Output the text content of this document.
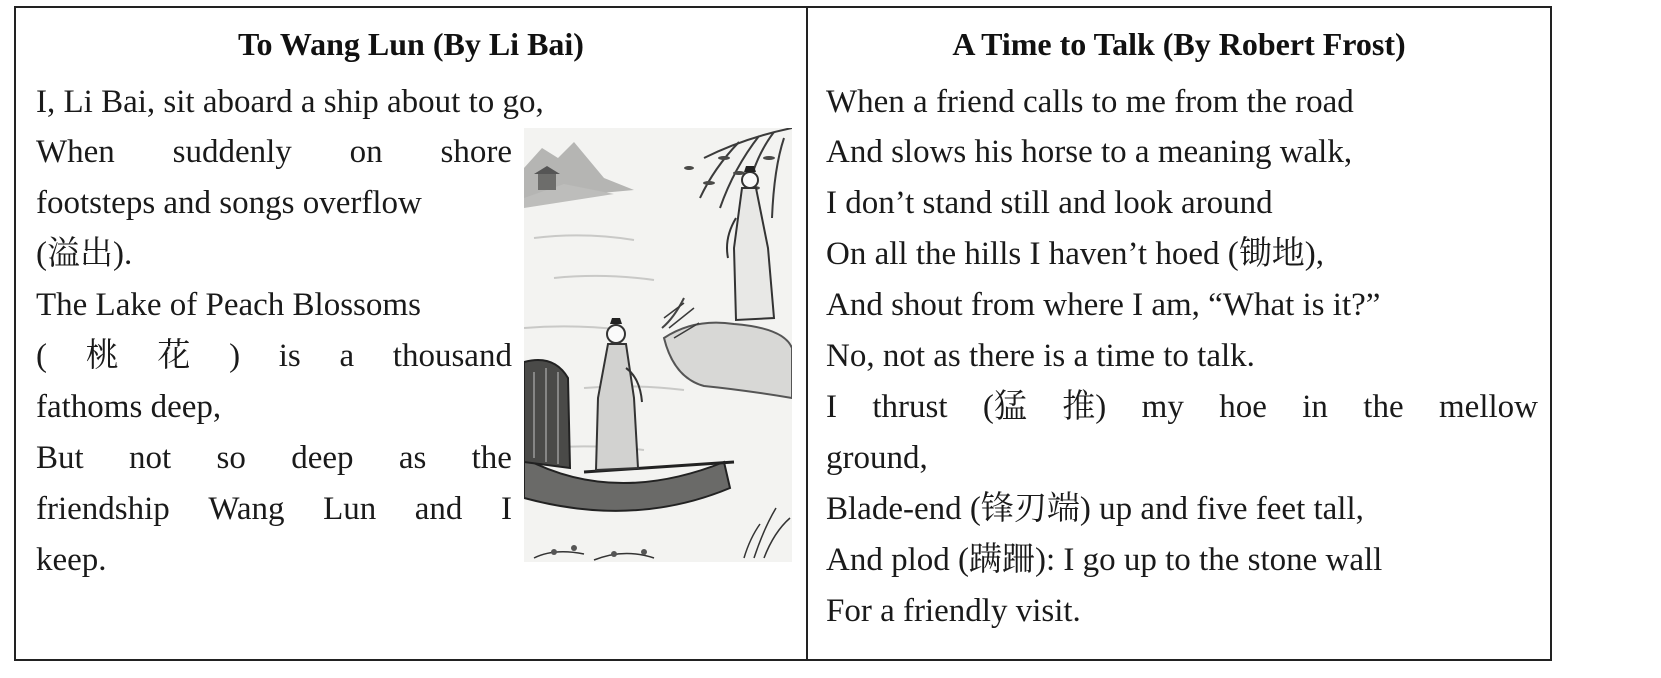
To Wang Lun (By Li Bai)
I, Li Bai, sit aboard a ship about to go,
When suddenly on shore
footsteps and songs overflow
(溢出).
The Lake of Peach Blossoms
( 桃 花 ) is a thousand
fathoms deep,
But not so deep as the
friendship Wang Lun and I
keep.
A Time to Talk (By Robert Frost)
When a friend calls to me from the road
And slows his horse to a meaning walk,
I don’t stand still and look around
On all the hills I haven’t hoed (锄地),
And shout from where I am, “What is it?”
No, not as there is a time to talk.
I thrust (猛 推) my hoe in the mellow
ground,
Blade-end (锋刃端) up and five feet tall,
And plod (蹒跚): I go up to the stone wall
For a friendly visit.
